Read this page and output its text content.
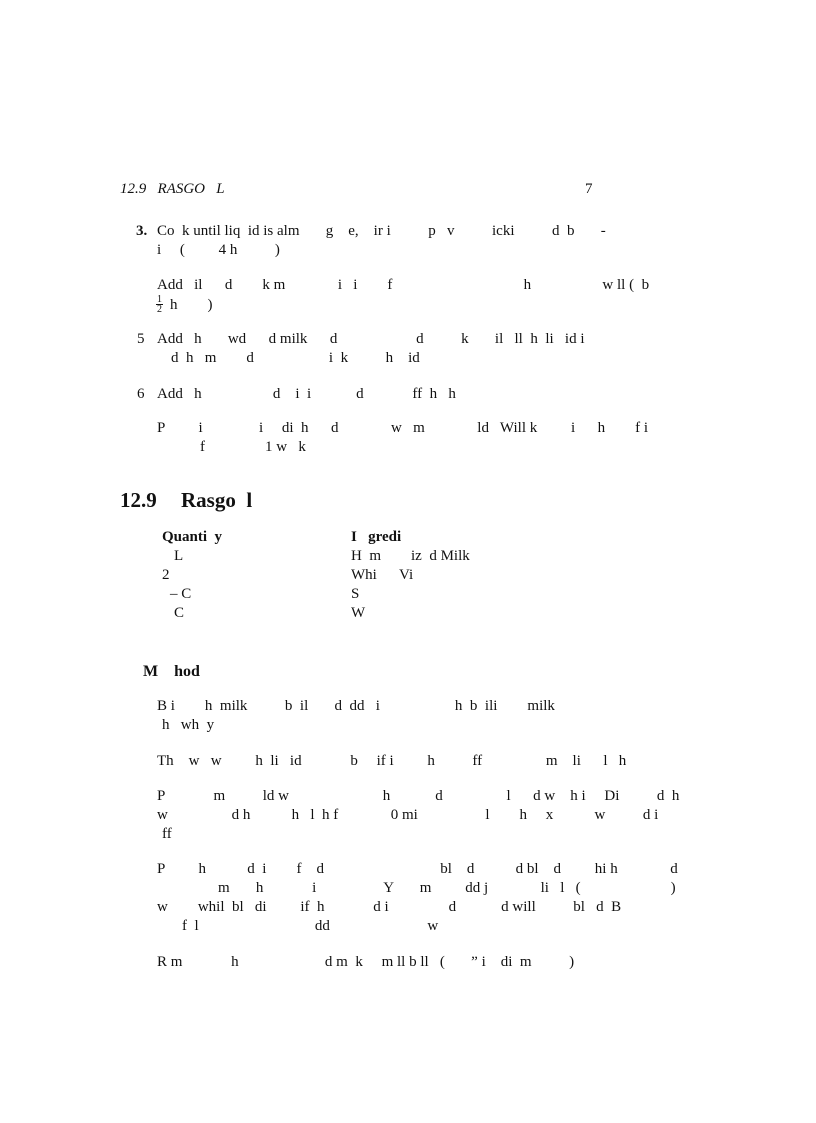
12.9   RASGO   L	7
3. Co  k until liq  id is alm       g    e,    ir i          p   v          icki          d  b       -
i     (         4 h          )
Add   il      d        k m              i   i        f                                   h                   w ll (  b
$\frac{1}{2}$ h        )
5 Add   h       wd      d milk      d                     d          k       il   ll  h  li   id i
d  h   m        d                    i  k          h    id
6 Add   h                   d    i  i            d             ff  h   h
P         i               i     di  h      d              w   m              ld   Will k         i      h        f i
f                1 w   k
12.9 Rasgo  l
Quanti  y	I   gredi
L	H  m        iz  d Milk
2	Whi      Vi
– C	S
C	W
M    hod
B i        h  milk          b  il       d  dd   i                    h  b  ili        milk
h   wh  y
Th    w   w         h  li   id             b     if i         h          ff                 m    li      l   h
P             m          ld w                         h            d                 l      d w    h i     Di          d  h
w                 d h           h   l  h f              0 mi                  l        h     x           w          d i
ff
P         h           d  i        f    d                               bl    d           d bl    d         hi h              d
m       h             i                  Y       m         dd j              li   l   (                        )
w        whil  bl   di         if  h             d i                d            d will          bl   d  B
f  l                               dd                          w
R m             h                       d m  k     m ll b ll   (       ” i    di  m          )
